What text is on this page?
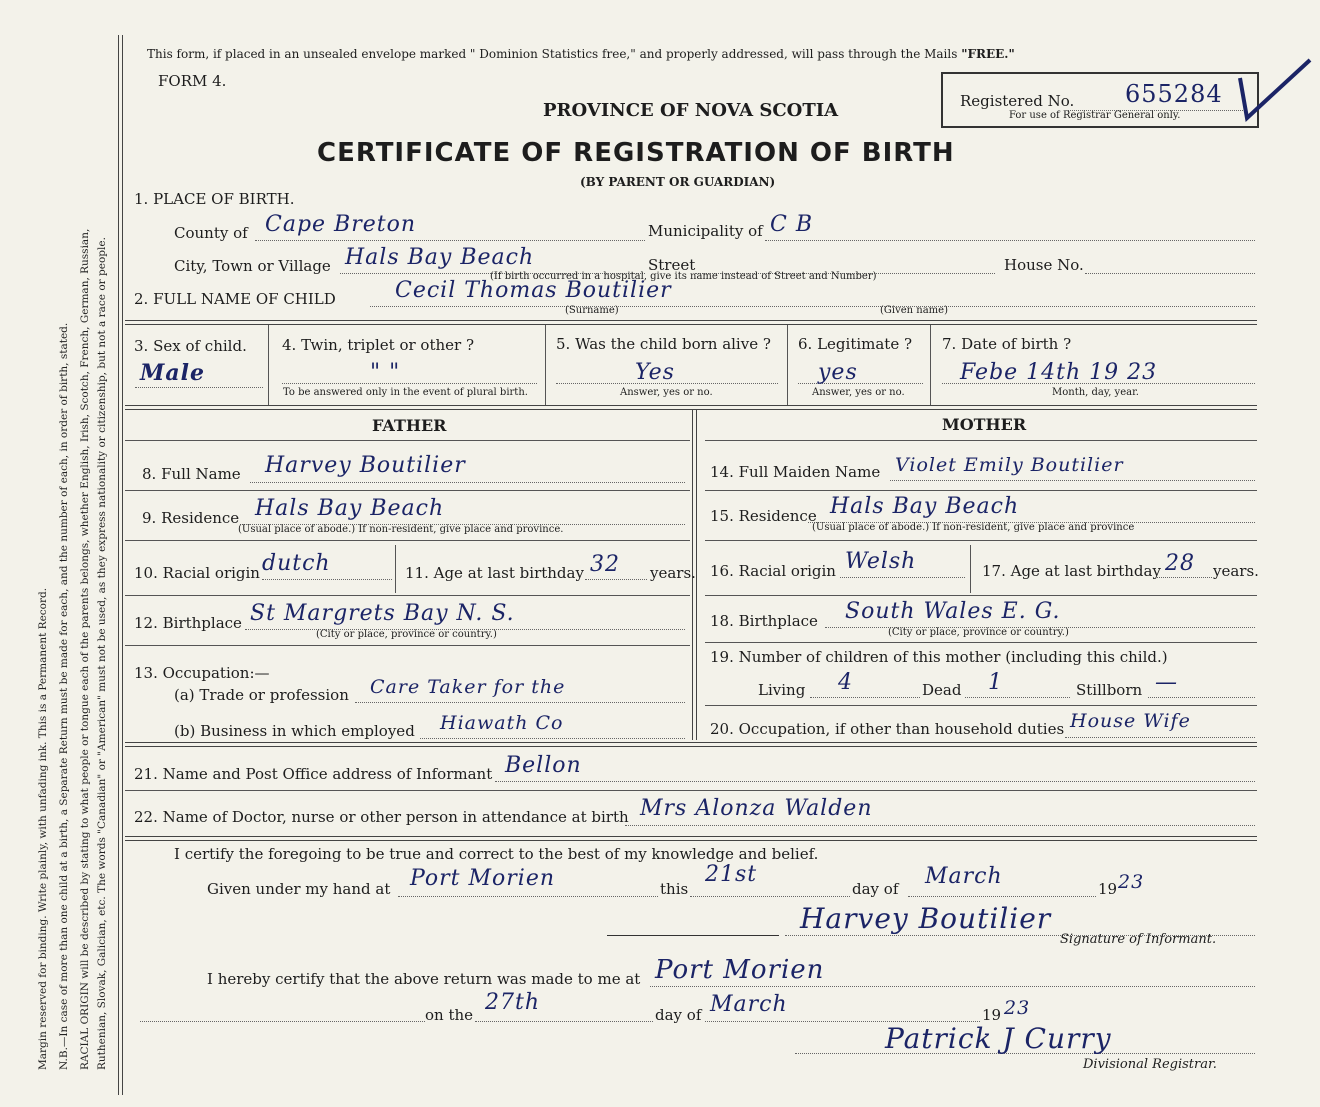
Margin reserved for binding. Write plainly, with unfading ink. This is a Permanent Record. N.B.—In case of more than one child at a birth, a Separate Return must be made for each, and the number of each, in order of birth, stated. RACIAL ORIGIN will be described by stating to what people or tongue each of the parents belongs, whether English, Irish, Scotch, French, German, Russian, Ruthenian, Slovak, Galician, etc. The words "Canadian" or "American" must not be used, as they express nationality or citizenship, but not a race or people.
This form, if placed in an unsealed envelope marked " Dominion Statistics free," and properly addressed, will pass through the Mails "FREE."
FORM 4.
PROVINCE OF NOVA SCOTIA	Registered No. 655284
For use of Registrar General only.
CERTIFICATE OF REGISTRATION OF BIRTH
(BY PARENT OR GUARDIAN)
1. PLACE OF BIRTH.
County of Cape Breton	Municipality of C B
City, Town or Village Hals Bay Beach	Street	House No.
(If birth occurred in a hospital, give its name instead of Street and Number)
2. FULL NAME OF CHILD	Cecil Thomas Boutilier
(Surname)	(Given name)
3. Sex of child.
Male
4. Twin, triplet or other ?
" "
To be answered only in the event of plural birth.
5. Was the child born alive ?
Yes
Answer, yes or no.
6. Legitimate ?
yes
Answer, yes or no.
7. Date of birth ?
Febe 14th 19 23
Month, day, year.
FATHER	MOTHER
8. Full Name Harvey Boutilier
9. Residence Hals Bay Beach
(Usual place of abode.) If non-resident, give place and province.
10. Racial origin dutch	11. Age at last birthday 32 years.
12. Birthplace St Margrets Bay N. S.
(City or place, province or country.)
13. Occupation:—
(a) Trade or profession Care Taker for the
(b) Business in which employed Hiawath Co
14. Full Maiden Name Violet Emily Boutilier
15. Residence Hals Bay Beach
(Usual place of abode.) If non-resident, give place and province
16. Racial origin Welsh	17. Age at last birthday 28 years.
18. Birthplace South Wales E. G.
(City or place, province or country.)
19. Number of children of this mother (including this child.)
Living 4	Dead 1	Stillborn —
20. Occupation, if other than household duties House Wife
21. Name and Post Office address of Informant Bellon
22. Name of Doctor, nurse or other person in attendance at birth Mrs Alonza Walden
I certify the foregoing to be true and correct to the best of my knowledge and belief.
Given under my hand at Port Morien	this
21st
day of March	19 23
Harvey Boutilier
Signature of Informant.
I hereby certify that the above return was made to me at Port Morien
on the 27th	day of March	19 23
Patrick J Curry
Divisional Registrar.
